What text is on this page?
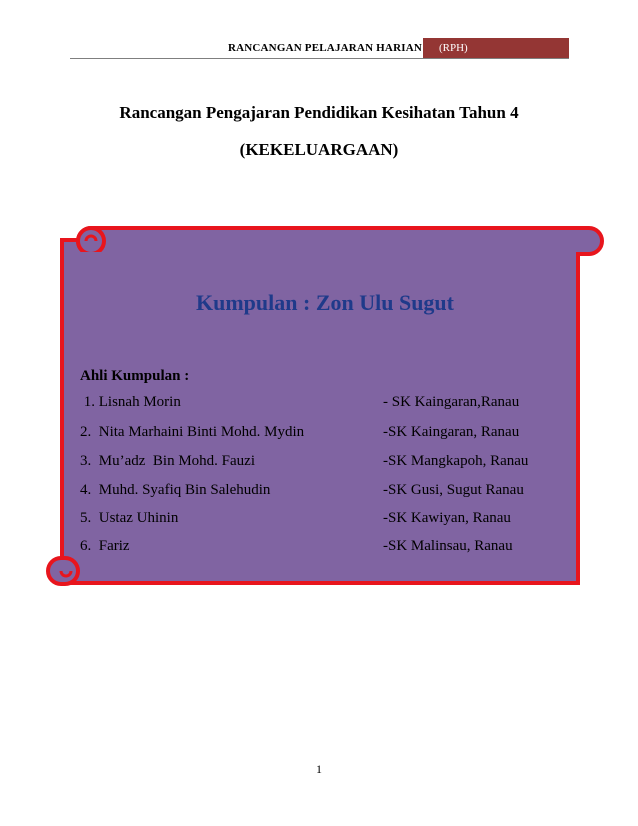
RANCANGAN PELAJARAN HARIAN	(RPH)
Rancangan Pengajaran Pendidikan Kesihatan Tahun 4
(KEKELUARGAAN)
Kumpulan : Zon Ulu Sugut
Ahli Kumpulan :
1. Lisnah Morin	- SK Kaingaran,Ranau
2.  Nita Marhaini Binti Mohd. Mydin	-SK Kaingaran, Ranau
3.  Mu’adz  Bin Mohd. Fauzi	-SK Mangkapoh, Ranau
4.  Muhd. Syafiq Bin Salehudin	-SK Gusi, Sugut Ranau
5.  Ustaz Uhinin	-SK Kawiyan, Ranau
6.  Fariz	-SK Malinsau, Ranau
1
